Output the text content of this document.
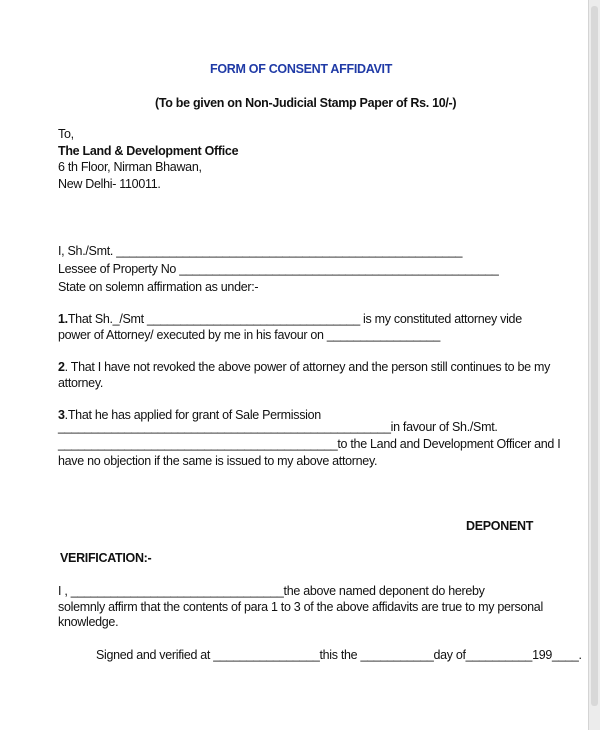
FORM OF CONSENT AFFIDAVIT
(To be given on Non-Judicial Stamp Paper of Rs. 10/-)
To,
The Land & Development Office
6 th Floor, Nirman Bhawan,
New Delhi- 110011.
I, Sh./Smt. ____________________________________________________
Lessee of Property No ________________________________________________
State on solemn affirmation as under:-
1.That Sh._/Smt ________________________________ is my constituted attorney vide
power of Attorney/ executed by me in his favour on _________________
2. That I have not revoked the above power of attorney and the person still continues to be my
attorney.
3.That he has applied for grant of Sale Permission
__________________________________________________in favour of Sh./Smt.
__________________________________________to the Land and Development Officer and I
have no objection if the same is issued to my above attorney.
DEPONENT
VERIFICATION:-
I , ________________________________the above named deponent do hereby
solemnly affirm that the contents of para 1 to 3 of the above affidavits are true to my personal
knowledge.
Signed and verified at ________________this the ___________day of__________199____.
